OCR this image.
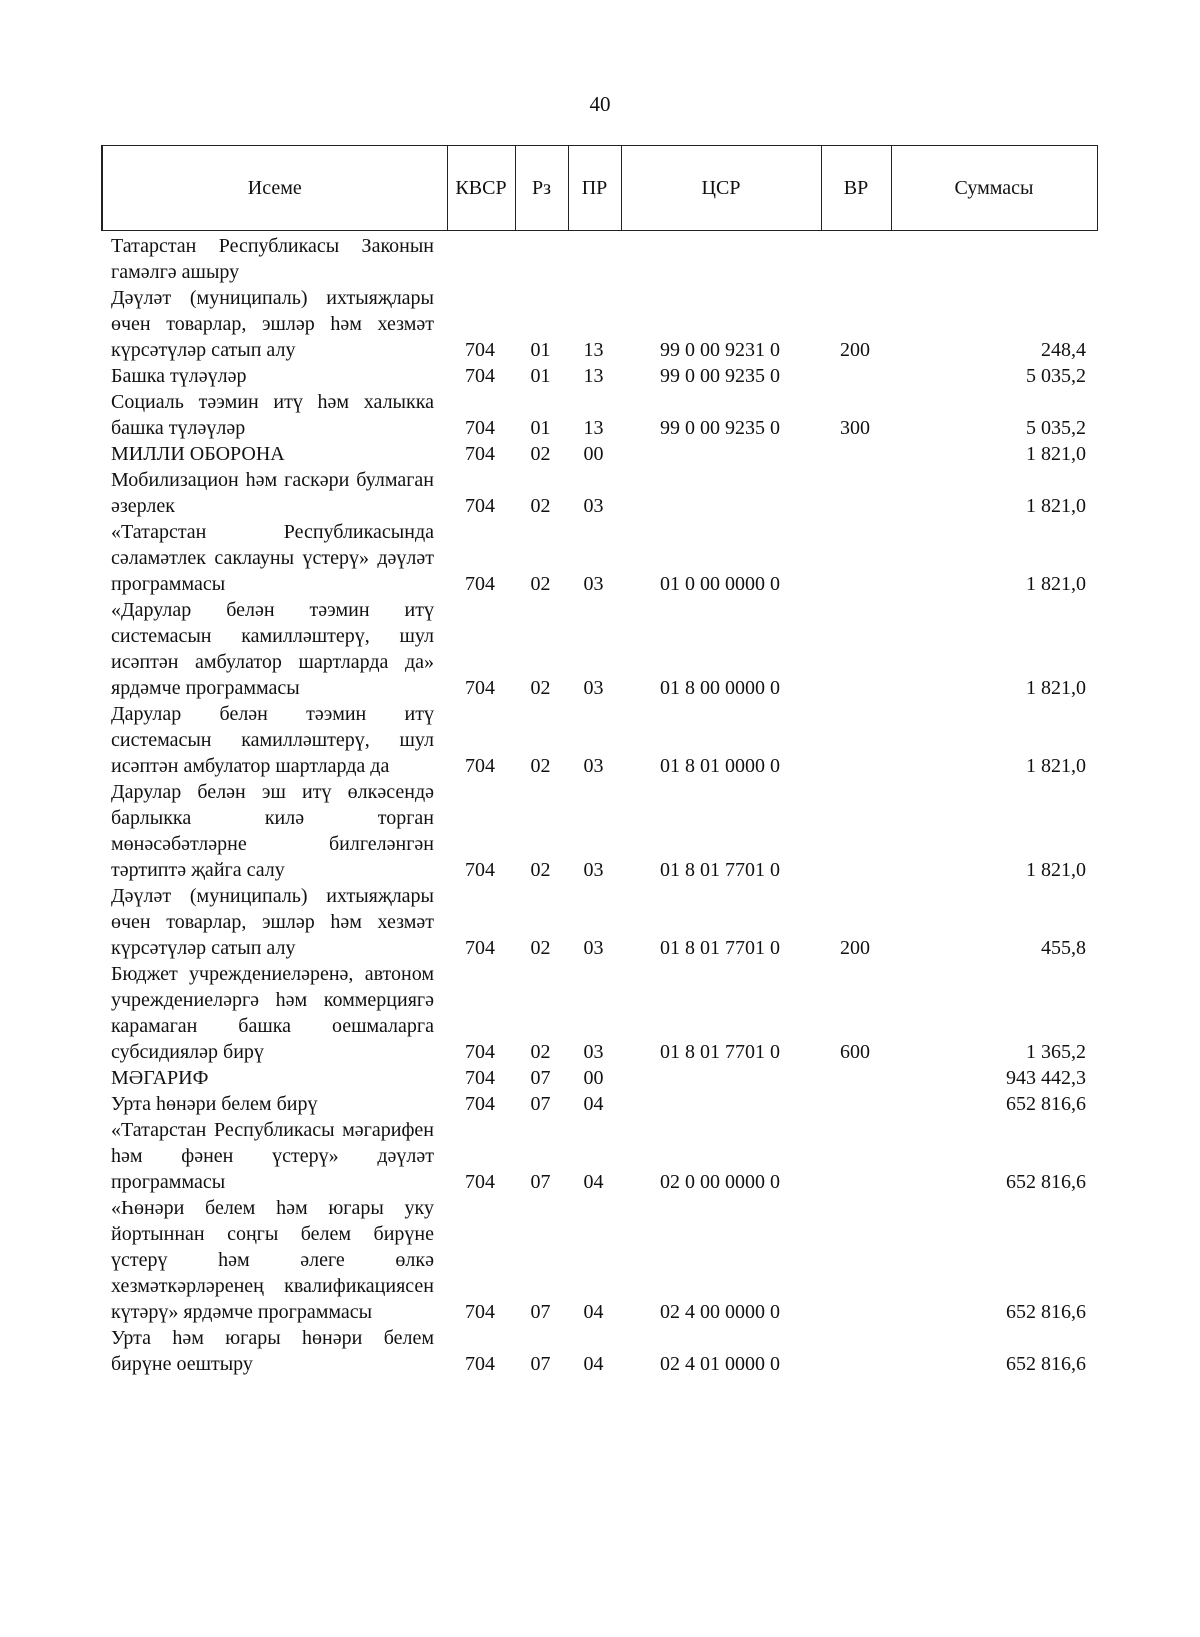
40
Исеме	КВСР	Рз	ПР	ЦСР	ВР	Суммасы
Татарстан Республикасы Законын гамәлгә ашыру						
Дәүләт (муниципаль) ихтыяҗлары өчен товарлар, эшләр һәм хезмәт күрсәтүләр сатып алу	704	01	13	99 0 00 9231 0	200	248,4
Башка түләүләр	704	01	13	99 0 00 9235 0		5 035,2
Социаль тәэмин итү һәм халыкка башка түләүләр	704	01	13	99 0 00 9235 0	300	5 035,2
МИЛЛИ ОБОРОНА	704	02	00			1 821,0
Мобилизацион һәм гаскәри булмаган әзерлек	704	02	03			1 821,0
«Татарстан Республикасында сәламәтлек саклауны үстерү» дәүләт программасы	704	02	03	01 0 00 0000 0		1 821,0
«Дарулар белән тәэмин итү системасын камилләштерү, шул исәптән амбулатор шартларда да» ярдәмче программасы	704	02	03	01 8 00 0000 0		1 821,0
Дарулар белән тәэмин итү системасын камилләштерү, шул исәптән амбулатор шартларда да	704	02	03	01 8 01 0000 0		1 821,0
Дарулар белән эш итү өлкәсендә барлыкка килә торган мөнәсәбәтләрне билгеләнгән тәртиптә җайга салу	704	02	03	01 8 01 7701 0		1 821,0
Дәүләт (муниципаль) ихтыяҗлары өчен товарлар, эшләр һәм хезмәт күрсәтүләр сатып алу	704	02	03	01 8 01 7701 0	200	455,8
Бюджет учреждениеләренә, автоном учреждениеләргә һәм коммерциягә карамаган башка оешмаларга субсидияләр бирү	704	02	03	01 8 01 7701 0	600	1 365,2
МӘГАРИФ	704	07	00			943 442,3
Урта һөнәри белем бирү	704	07	04			652 816,6
«Татарстан Республикасы мәгарифен һәм фәнен үстерү» дәүләт программасы	704	07	04	02 0 00 0000 0		652 816,6
«Һөнәри белем һәм югары уку йортыннан соңгы белем бирүне үстерү һәм әлеге өлкә хезмәткәрләренең квалификациясен күтәрү» ярдәмче программасы	704	07	04	02 4 00 0000 0		652 816,6
Урта һәм югары һөнәри белем бирүне оештыру	704	07	04	02 4 01 0000 0		652 816,6
